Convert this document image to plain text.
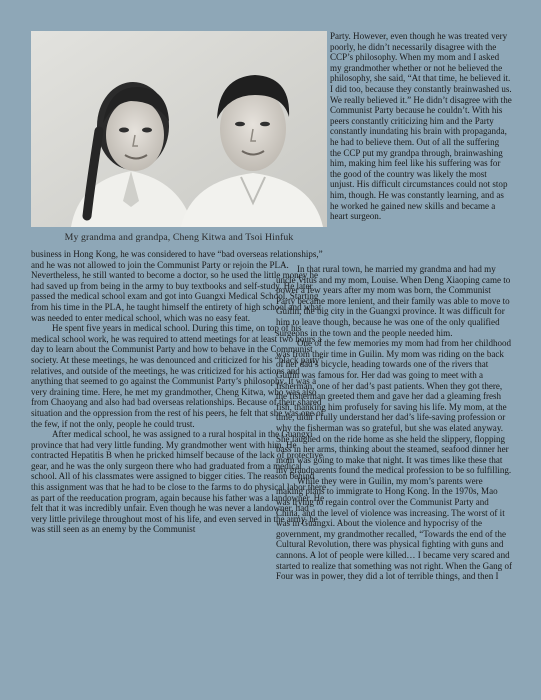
My grandma and grandpa, Cheng Kitwa and Tsoi Hinfuk

business in Hong Kong, he was considered to have “bad overseas relationships,” and he was not allowed to join the Communist Party or rejoin the PLA. Nevertheless, he still wanted to become a doctor, so he used the little money he had saved up from being in the army to buy textbooks and self-study. He later passed the medical school exam and got into Guangxi Medical School. Starting from his time in the PLA, he taught himself the entirety of high school and what was needed to enter medical school, which was no easy feat.

He spent five years in medical school. During this time, on top of his medical school work, he was required to attend meetings for at least two hours a day to learn about the Communist Party and how to behave in the Communist society. At these meetings, he was denounced and criticized for his “black party” relatives, and outside of the meetings, he was criticized for his actions and anything that seemed to go against the Communist Party’s philosophy. It was a very draining time. Here, he met my grandmother, Cheng Kitwa, who was also from Chaoyang and also had bad overseas relationships. Because of their shared situation and the oppression from the rest of his peers, he felt that she was one of the few, if not the only, people he could trust.

After medical school, he was assigned to a rural hospital in the Guangxi province that had very little funding. My grandmother went with him. He contracted Hepatitis B when he pricked himself because of the lack of protective gear, and he was the only surgeon there who had graduated from a medical school. All of his classmates were assigned to bigger cities. The reason behind this assignment was that he had to be close to the farms to do physical labor there as part of the reeducation program, again because his father was a landowner. He felt that it was incredibly unfair. Even though he was never a landowner, had very little privilege throughout most of his life, and even served in the army, he was still seen as an enemy by the Communist

Party. However, even though he was treated very poorly, he didn’t necessarily disagree with the CCP’s philosophy. When my mom and I asked my grandmother whether or not he believed the philosophy, she said, “At that time, he believed it. I did too, because they constantly brainwashed us. We really believed it.” He didn’t disagree with the Communist Party because he couldn’t. With his peers constantly criticizing him and the Party constantly inundating his brain with propaganda, he had to believe them. Out of all the suffering the CCP put my grandpa through, brainwashing him, making him feel like his suffering was for the good of the country was likely the most unjust. His difficult circumstances could not stop him, though. He was constantly learning, and as he worked he gained new skills and became a heart surgeon.

In that rural town, he married my grandma and had my uncle Vitus and my mom, Louise. When Deng Xiaoping came to power a few years after my mom was born, the Communist Party became more lenient, and their family was able to move to Guilin, the big city in the Guangxi province. It was difficult for him to leave though, because he was one of the only qualified surgeons in the town and the people needed him.

One of the few memories my mom had from her childhood was from their time in Guilin. My mom was riding on the back of her dad’s bicycle, heading towards one of the rivers that Guilin was famous for. Her dad was going to meet with a fisherman, one of her dad’s past patients. When they got there, the fisherman greeted them and gave her dad a gleaming fresh fish, thanking him profusely for saving his life. My mom, at the time, didn’t fully understand her dad’s life-saving profession or why the fisherman was so grateful, but she was elated anyway. She laughed on the ride home as she held the slippery, flopping bass in her arms, thinking about the steamed, seafood dinner her mom was going to make that night. It was times like these that my grandparents found the medical profession to be so fulfilling.

While they were in Guilin, my mom’s parents were making plans to immigrate to Hong Kong. In the 1970s, Mao was trying to regain control over the Communist Party and China, and the level of violence was increasing. The worst of it was in Guangxi. About the violence and hypocrisy of the government, my grandmother recalled, “Towards the end of the Cultural Revolution, there was physical fighting with guns and cannons. A lot of people were killed… I became very scared and started to realize that something was not right. When the Gang of Four was in power, they did a lot of terrible things, and then I
